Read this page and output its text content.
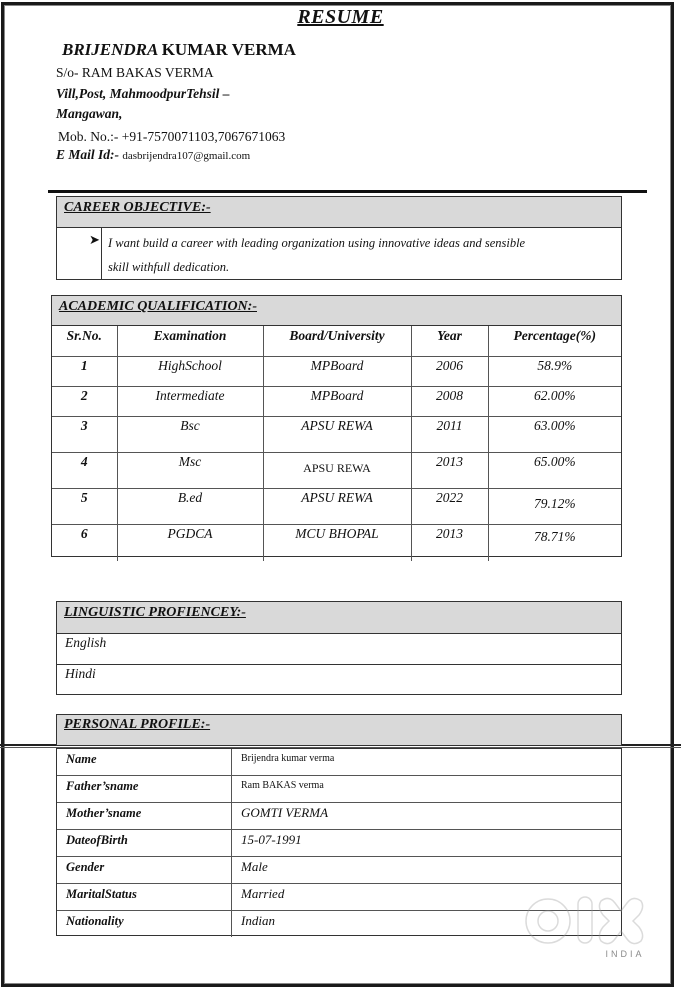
RESUME
BRIJENDRA KUMAR VERMA
S/o- RAM BAKAS VERMA
Vill,Post, MahmoodpurTehsil –
Mangawan,
Mob. No.:- +91-7570071103,7067671063
E Mail Id:- dasbrijendra107@gmail.com
CAREER OBJECTIVE:-
➤ I want build a career with leading organization using innovative ideas and sensible
skill withfull dedication.
ACADEMIC QUALIFICATION:-
Sr.No.	Examination	Board/University	Year	Percentage(%)
1	HighSchool	MPBoard	2006	58.9%
2	Intermediate	MPBoard	2008	62.00%
3	Bsc	APSU REWA	2011	63.00%
4	Msc	APSU REWA	2013	65.00%
5	B.ed	APSU REWA	2022	79.12%
6	PGDCA	MCU BHOPAL	2013	78.71%
LINGUISTIC PROFIENCEY:-
English
Hindi
PERSONAL PROFILE:-
Name	Brijendra kumar verma
Father’sname	Ram BAKAS verma
Mother’sname	GOMTI VERMA
DateofBirth	15-07-1991
Gender	Male
MaritalStatus	Married
Nationality	Indian
INDIA
